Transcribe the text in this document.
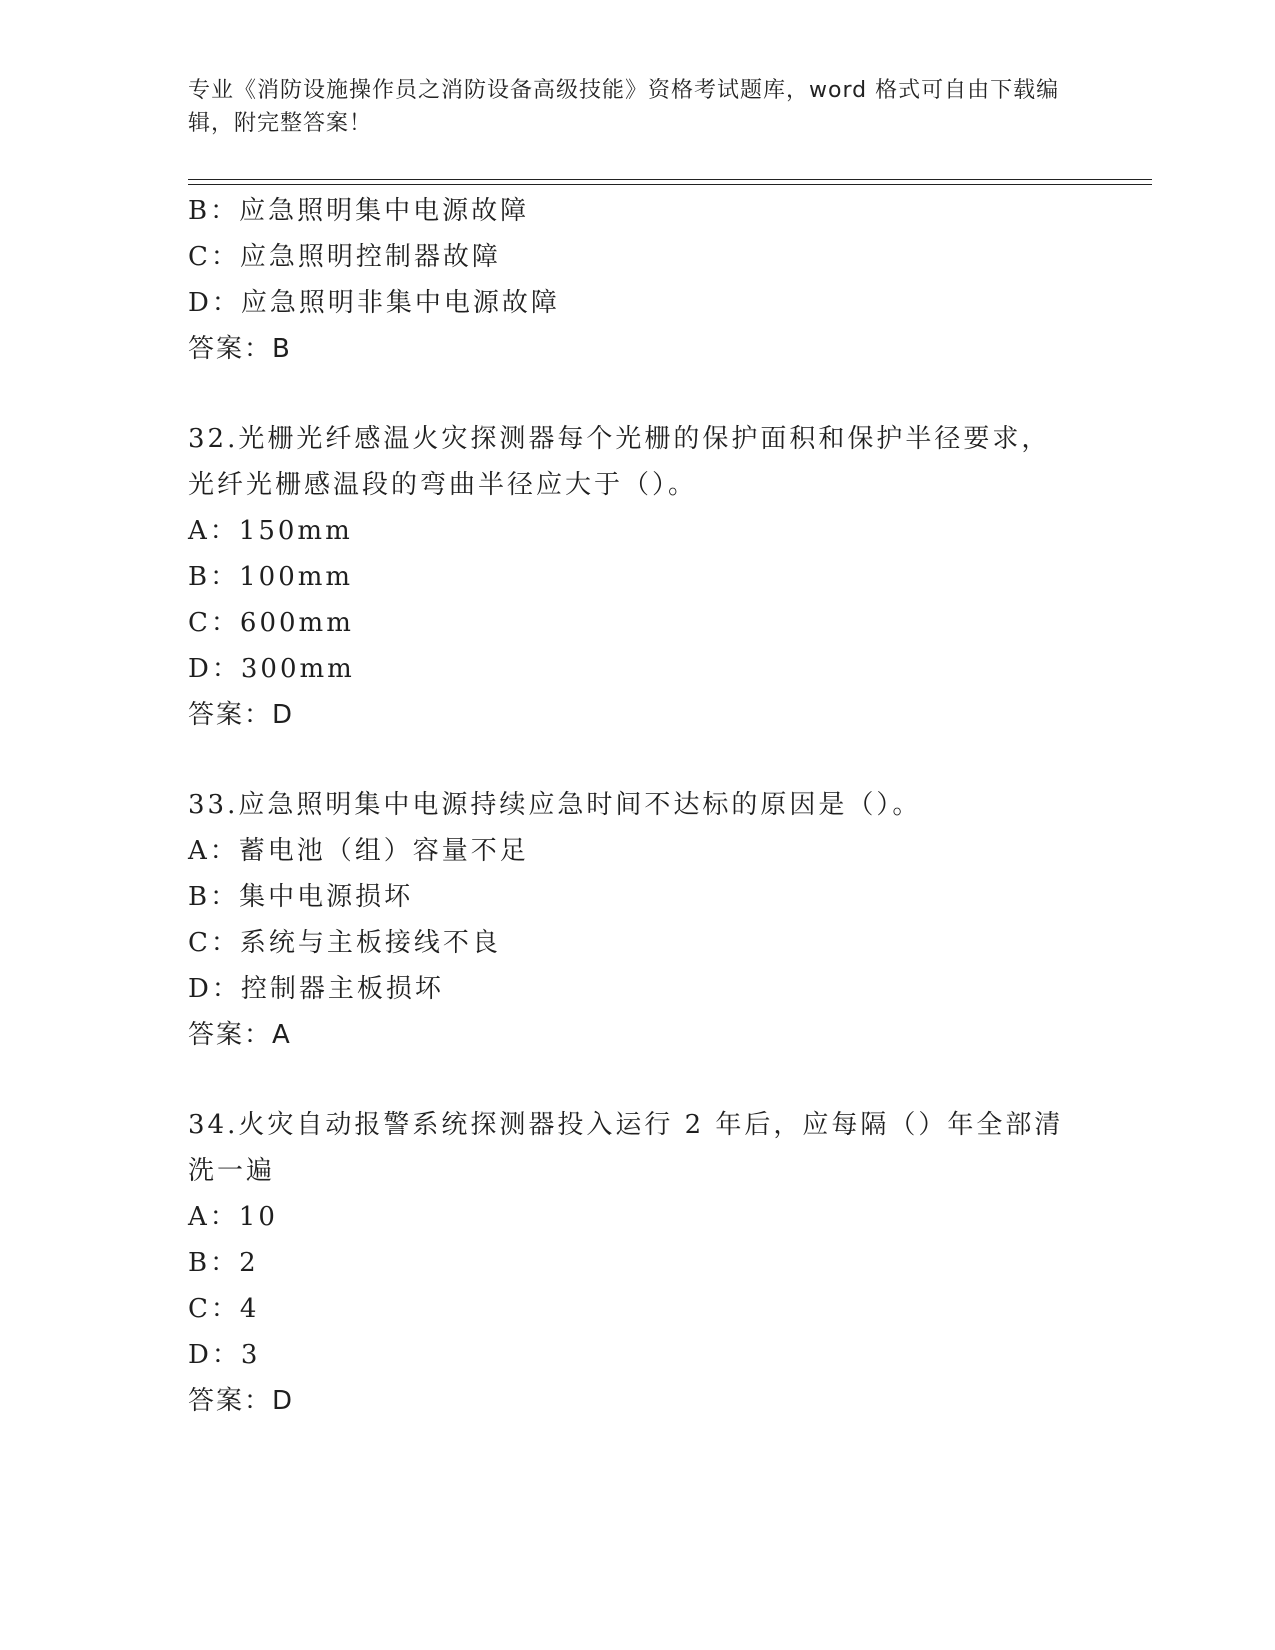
专业《消防设施操作员之消防设备高级技能》资格考试题库，word 格式可自由下载编辑，附完整答案！
B：应急照明集中电源故障
C：应急照明控制器故障
D：应急照明非集中电源故障
答案：B
32.光栅光纤感温火灾探测器每个光栅的保护面积和保护半径要求，光纤光栅感温段的弯曲半径应大于（）。
A：150mm
B：100mm
C：600mm
D：300mm
答案：D
33.应急照明集中电源持续应急时间不达标的原因是（）。
A：蓄电池（组）容量不足
B：集中电源损坏
C：系统与主板接线不良
D：控制器主板损坏
答案：A
34.火灾自动报警系统探测器投入运行 2 年后，应每隔（）年全部清洗一遍
A：10
B：2
C：4
D：3
答案：D
